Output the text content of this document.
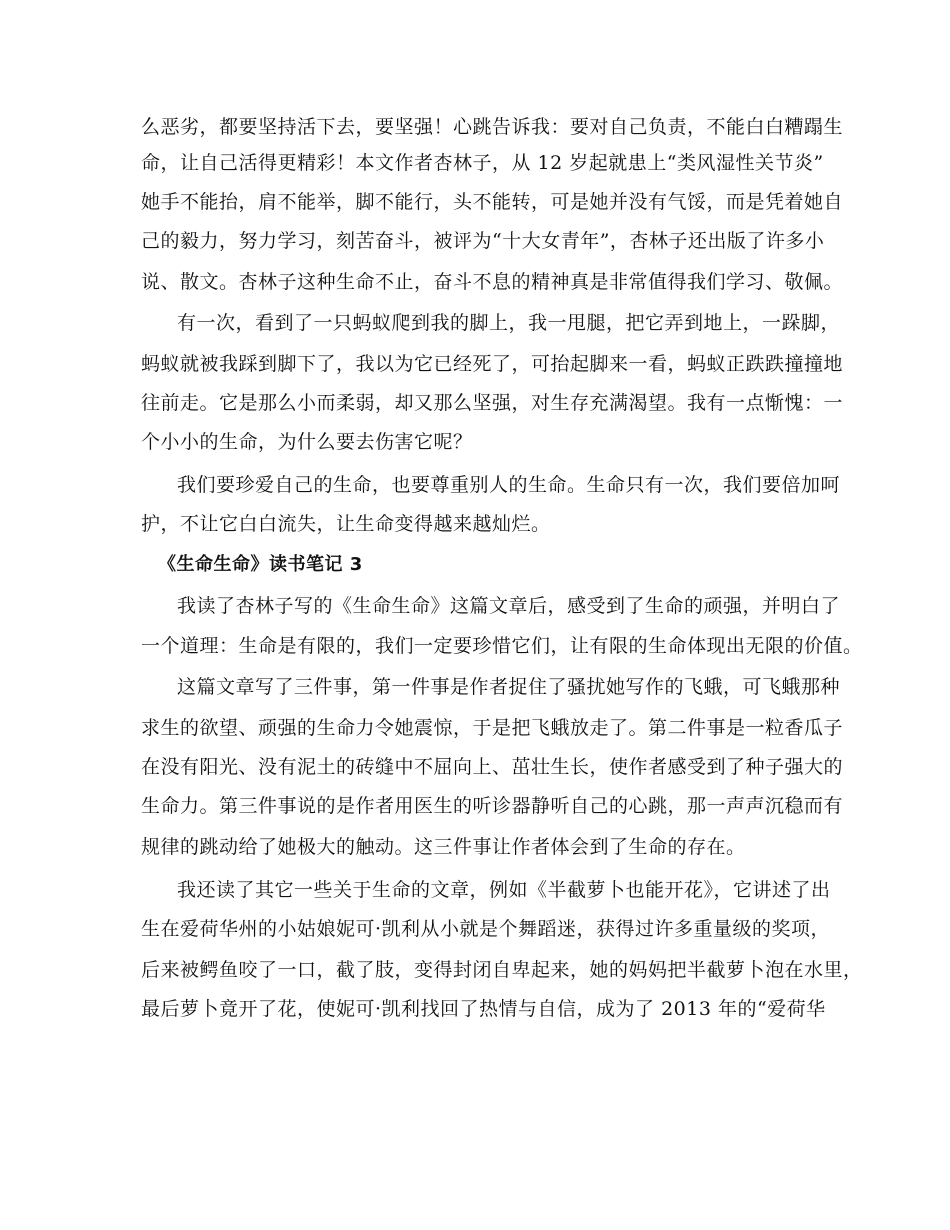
么恶劣，都要坚持活下去，要坚强！心跳告诉我：要对自己负责，不能白白糟蹋生
命，让自己活得更精彩！本文作者杏林子，从 12 岁起就患上“类风湿性关节炎”
她手不能抬，肩不能举，脚不能行，头不能转，可是她并没有气馁，而是凭着她自
己的毅力，努力学习，刻苦奋斗，被评为“十大女青年”，杏林子还出版了许多小
说、散文。杏林子这种生命不止，奋斗不息的精神真是非常值得我们学习、敬佩。
有一次，看到了一只蚂蚁爬到我的脚上，我一甩腿，把它弄到地上，一跺脚，
蚂蚁就被我踩到脚下了，我以为它已经死了，可抬起脚来一看，蚂蚁正跌跌撞撞地
往前走。它是那么小而柔弱，却又那么坚强，对生存充满渴望。我有一点惭愧：一
个小小的生命，为什么要去伤害它呢？
我们要珍爱自己的生命，也要尊重别人的生命。生命只有一次，我们要倍加呵
护，不让它白白流失，让生命变得越来越灿烂。
《生命生命》读书笔记 3
我读了杏林子写的《生命生命》这篇文章后，感受到了生命的顽强，并明白了
一个道理：生命是有限的，我们一定要珍惜它们，让有限的生命体现出无限的价值。
这篇文章写了三件事，第一件事是作者捉住了骚扰她写作的飞蛾，可飞蛾那种
求生的欲望、顽强的生命力令她震惊，于是把飞蛾放走了。第二件事是一粒香瓜子
在没有阳光、没有泥土的砖缝中不屈向上、茁壮生长，使作者感受到了种子强大的
生命力。第三件事说的是作者用医生的听诊器静听自己的心跳，那一声声沉稳而有
规律的跳动给了她极大的触动。这三件事让作者体会到了生命的存在。
我还读了其它一些关于生命的文章，例如《半截萝卜也能开花》，它讲述了出
生在爱荷华州的小姑娘妮可·凯利从小就是个舞蹈迷，获得过许多重量级的奖项，
后来被鳄鱼咬了一口，截了肢，变得封闭自卑起来，她的妈妈把半截萝卜泡在水里，
最后萝卜竟开了花，使妮可·凯利找回了热情与自信，成为了 2013 年的“爱荷华
